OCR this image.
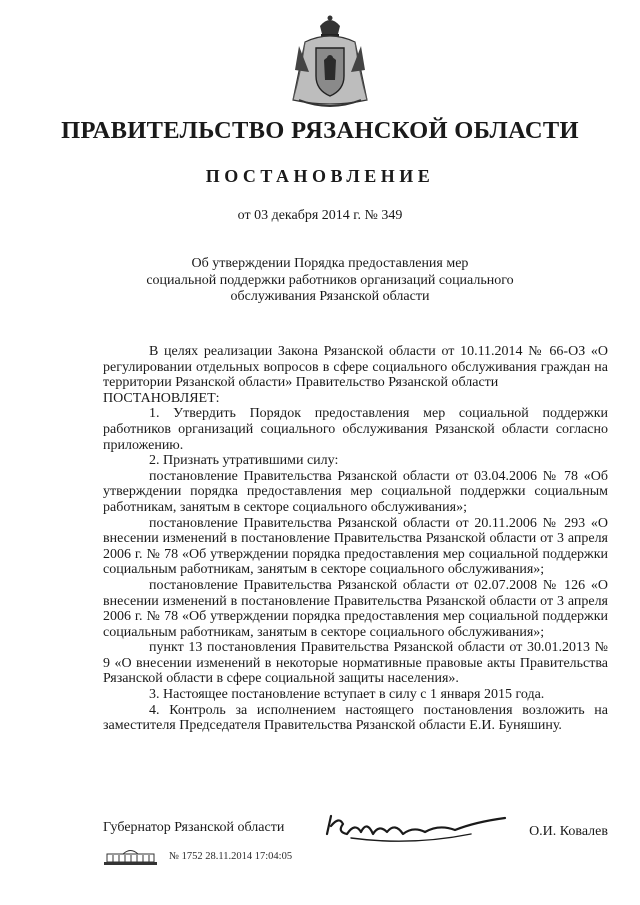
ПРАВИТЕЛЬСТВО РЯЗАНСКОЙ ОБЛАСТИ
ПОСТАНОВЛЕНИЕ
от 03 декабря 2014 г. № 349
Об утверждении Порядка предоставления мер
социальной поддержки работников организаций социального
обслуживания Рязанской области

В целях реализации Закона Рязанской области от 10.11.2014 № 66-ОЗ «О регулировании отдельных вопросов в сфере социального обслуживания граждан на территории Рязанской области» Правительство Рязанской области

ПОСТАНОВЛЯЕТ:

1. Утвердить Порядок предоставления мер социальной поддержки работников организаций социального обслуживания Рязанской области согласно приложению.

2. Признать утратившими силу:

постановление Правительства Рязанской области от 03.04.2006 № 78 «Об утверждении порядка предоставления мер социальной поддержки социальным работникам, занятым в секторе социального обслуживания»;

постановление Правительства Рязанской области от 20.11.2006 № 293 «О внесении изменений в постановление Правительства Рязанской области от 3 апреля 2006 г. № 78 «Об утверждении порядка предоставления мер социальной поддержки социальным работникам, занятым в секторе социального обслуживания»;

постановление Правительства Рязанской области от 02.07.2008 № 126 «О внесении изменений в постановление Правительства Рязанской области от 3 апреля 2006 г. № 78 «Об утверждении порядка предоставления мер социальной поддержки социальным работникам, занятым в секторе социального обслуживания»;

пункт 13 постановления Правительства Рязанской области от 30.01.2013 № 9 «О внесении изменений в некоторые нормативные правовые акты Правительства Рязанской области в сфере социальной защиты населения».

3. Настоящее постановление вступает в силу с 1 января 2015 года.

4. Контроль за исполнением настоящего постановления возложить на заместителя Председателя Правительства Рязанской области Е.И. Буняшину.

Губернатор Рязанской области	О.И. Ковалев
№ 1752 28.11.2014 17:04:05
